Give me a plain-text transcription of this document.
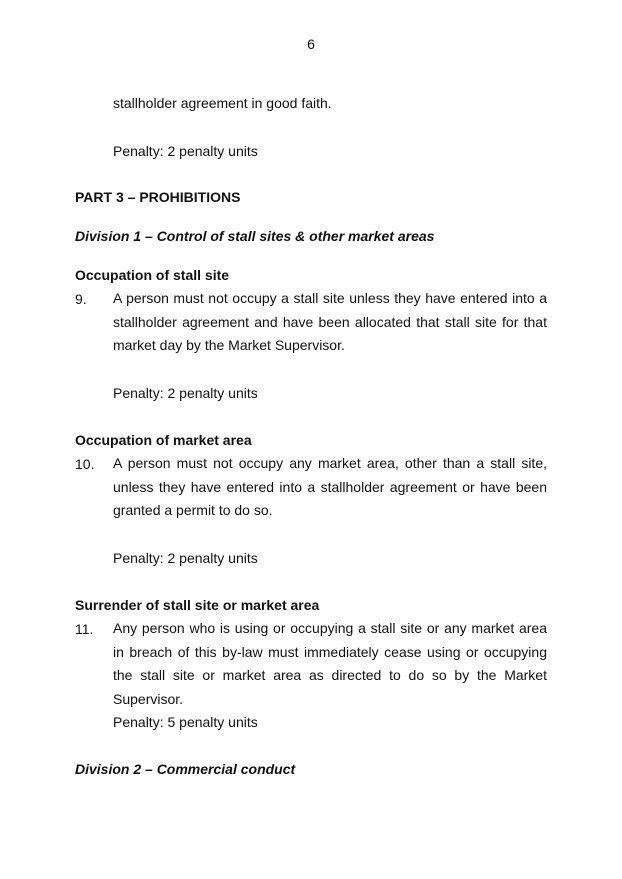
6
stallholder agreement in good faith.
Penalty: 2 penalty units
PART 3 – PROHIBITIONS
Division 1 – Control of stall sites & other market areas
Occupation of stall site
9. A person must not occupy a stall site unless they have entered into a stallholder agreement and have been allocated that stall site for that market day by the Market Supervisor.
Penalty: 2 penalty units
Occupation of market area
10. A person must not occupy any market area, other than a stall site, unless they have entered into a stallholder agreement or have been granted a permit to do so.
Penalty: 2 penalty units
Surrender of stall site or market area
11. Any person who is using or occupying a stall site or any market area in breach of this by-law must immediately cease using or occupying the stall site or market area as directed to do so by the Market Supervisor.
Penalty: 5 penalty units
Division 2 – Commercial conduct
